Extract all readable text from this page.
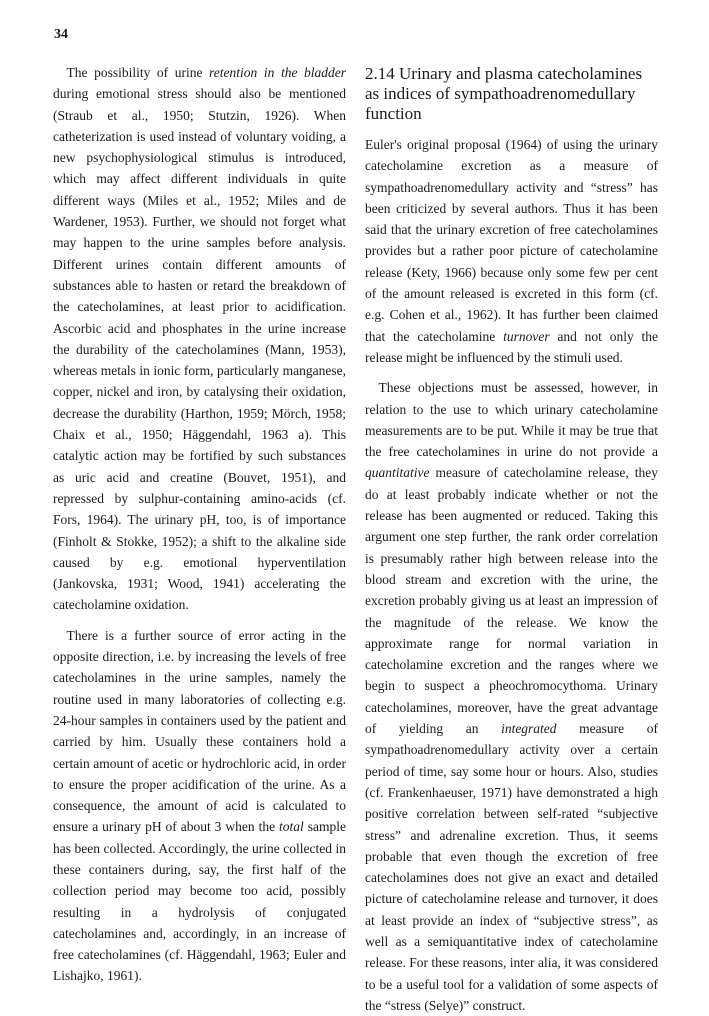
34

The possibility of urine retention in the bladder during emotional stress should also be mentioned (Straub et al., 1950; Stutzin, 1926). When catheterization is used instead of voluntary voiding, a new psychophysiological stimulus is introduced, which may affect different individuals in quite different ways (Miles et al., 1952; Miles and de Wardener, 1953). Further, we should not forget what may happen to the urine samples before analysis. Different urines contain different amounts of substances able to hasten or retard the breakdown of the catecholamines, at least prior to acidification. Ascorbic acid and phosphates in the urine increase the durability of the catecholamines (Mann, 1953), whereas metals in ionic form, particularly manganese, copper, nickel and iron, by catalysing their oxidation, decrease the durability (Harthon, 1959; Mörch, 1958; Chaix et al., 1950; Häggendahl, 1963 a). This catalytic action may be fortified by such substances as uric acid and creatine (Bouvet, 1951), and repressed by sulphur-containing amino-acids (cf. Fors, 1964). The urinary pH, too, is of importance (Finholt & Stokke, 1952); a shift to the alkaline side caused by e.g. emotional hyperventilation (Jankovska, 1931; Wood, 1941) accelerating the catecholamine oxidation.

There is a further source of error acting in the opposite direction, i.e. by increasing the levels of free catecholamines in the urine samples, namely the routine used in many laboratories of collecting e.g. 24-hour samples in containers used by the patient and carried by him. Usually these containers hold a certain amount of acetic or hydrochloric acid, in order to ensure the proper acidification of the urine. As a consequence, the amount of acid is calculated to ensure a urinary pH of about 3 when the total sample has been collected. Accordingly, the urine collected in these containers during, say, the first half of the collection period may become too acid, possibly resulting in a hydrolysis of conjugated catecholamines and, accordingly, in an increase of free catecholamines (cf. Häggendahl, 1963; Euler and Lishajko, 1961).

2.14 Urinary and plasma catecholamines as indices of sympathoadrenomedullary function

Euler's original proposal (1964) of using the urinary catecholamine excretion as a measure of sympathoadrenomedullary activity and “stress” has been criticized by several authors. Thus it has been said that the urinary excretion of free catecholamines provides but a rather poor picture of catecholamine release (Kety, 1966) because only some few per cent of the amount released is excreted in this form (cf. e.g. Cohen et al., 1962). It has further been claimed that the catecholamine turnover and not only the release might be influenced by the stimuli used.

These objections must be assessed, however, in relation to the use to which urinary catecholamine measurements are to be put. While it may be true that the free catecholamines in urine do not provide a quantitative measure of catecholamine release, they do at least probably indicate whether or not the release has been augmented or reduced. Taking this argument one step further, the rank order correlation is presumably rather high between release into the blood stream and excretion with the urine, the excretion probably giving us at least an impression of the magnitude of the release. We know the approximate range for normal variation in catecholamine excretion and the ranges where we begin to suspect a pheochromocythoma. Urinary catecholamines, moreover, have the great advantage of yielding an integrated measure of sympathoadrenomedullary activity over a certain period of time, say some hour or hours. Also, studies (cf. Frankenhaeuser, 1971) have demonstrated a high positive correlation between self-rated “subjective stress” and adrenaline excretion. Thus, it seems probable that even though the excretion of free catecholamines does not give an exact and detailed picture of catecholamine release and turnover, it does at least provide an index of “subjective stress”, as well as a semiquantitative index of catecholamine release. For these reasons, inter alia, it was considered to be a useful tool for a validation of some aspects of the “stress (Selye)” construct.
